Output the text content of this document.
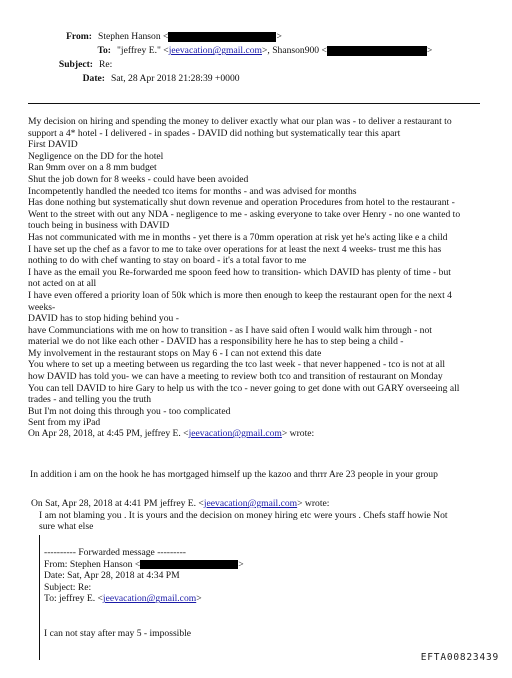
From: Stephen Hanson <	>
To: "jeffrey E." < jeevacation@gmail.com >, Shanson900 <	>
Subject: Re:
Date: Sat, 28 Apr 2018 21:28:39 +0000
My decision on hiring and spending the money to deliver exactly what our plan was - to deliver a restaurant to
support a 4* hotel - I delivered - in spades - DAVID did nothing but systematically tear this apart
First DAVID
Negligence on the DD for the hotel
Ran 9mm over on a 8 mm budget
Shut the job down for 8 weeks - could have been avoided
Incompetently handled the needed tco items for months - and was advised for months
Has done nothing but systematically shut down revenue and operation Procedures from hotel to the restaurant -
Went to the street with out any NDA - negligence to me - asking everyone to take over Henry - no one wanted to
touch being in business with DAVID
Has not communicated with me in months - yet there is a 70mm operation at risk yet he's acting like e a child
I have set up the chef as a favor to me to take over operations for at least the next 4 weeks- trust me this has
nothing to do with chef wanting to stay on board - it's a total favor to me
I have as the email you Re-forwarded me spoon feed how to transition- which DAVID has plenty of time - but
not acted on at all
I have even offered a priority loan of 50k which is more then enough to keep the restaurant open for the next 4
weeks-
DAVID has to stop hiding behind you -
have Communciations with me on how to transition - as I have said often I would walk him through - not
material we do not like each other - DAVID has a responsibility here he has to step being a child -
My involvement in the restaurant stops on May 6 - I can not extend this date
You where to set up a meeting between us regarding the tco last week - that never happened - tco is not at all
how DAVID has told you- we can have a meeting to review both tco and transition of restaurant on Monday
You can tell DAVID to hire Gary to help us with the tco - never going to get done with out GARY overseeing all
trades - and telling you the truth
But I'm not doing this through you - too complicated
Sent from my iPad
On Apr 28, 2018, at 4:45 PM, jeffrey E. <jeevacation@gmail.com> wrote:
In addition i am on the hook he has mortgaged himself up the kazoo and thrrr Are 23 people in your group
On Sat, Apr 28, 2018 at 4:41 PM jeffrey E. <jeevacation@gmail.com> wrote:
I am not blaming you . It is yours and the decision on money hiring etc were yours . Chefs staff howie Not
sure what else
---------- Forwarded message ---------
From: Stephen Hanson <	>
Date: Sat, Apr 28, 2018 at 4:34 PM
Subject: Re:
To: jeffrey E. <jeevacation@gmail.com>
I can not stay after may 5 - impossible
EFTA00823439
